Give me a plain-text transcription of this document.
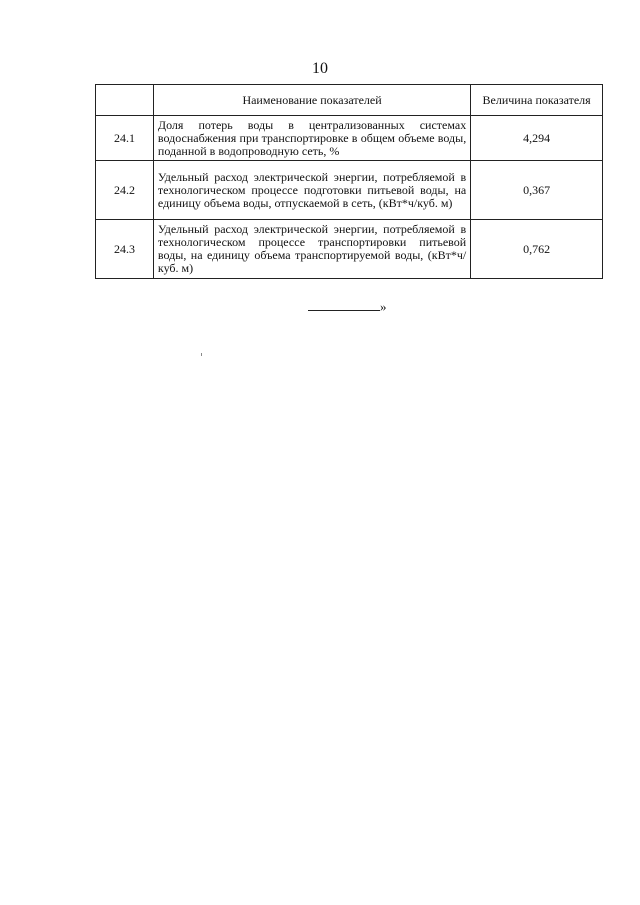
10
	Наименование показателей	Величина показателя
24.1	Доля потерь воды в централизованных системах водоснабжения при транспортировке в общем объеме воды, поданной в водопроводную сеть, %	4,294
24.2	Удельный расход электрической энергии, потребляемой в технологическом процессе подготовки питьевой воды, на единицу объема воды, отпускаемой в сеть, (кВт*ч/куб. м)	0,367
24.3	Удельный расход электрической энергии, потребляемой в технологическом процессе транспортировки питьевой воды, на единицу объема транспортируемой воды, (кВт*ч/куб. м)	0,762
»
